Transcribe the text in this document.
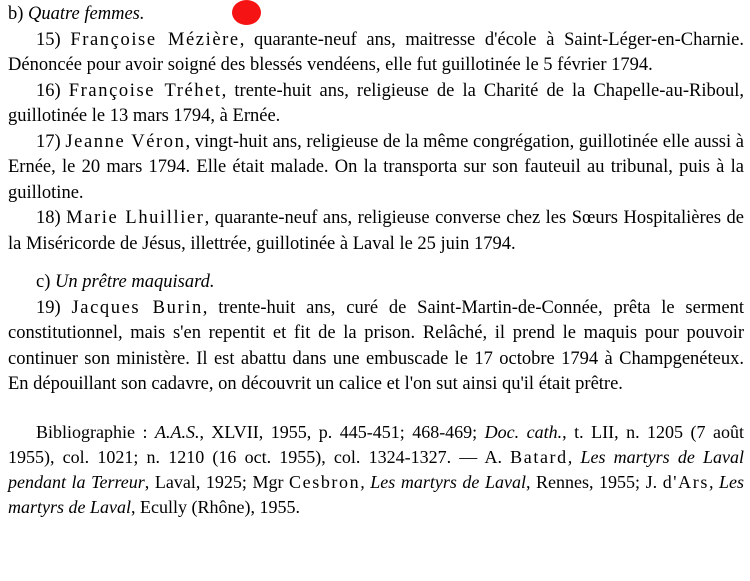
b) Quatre femmes.

15) Françoise Mézière, quarante-neuf ans, maitresse d'école à Saint-Léger-en-Charnie. Dénoncée pour avoir soigné des blessés vendéens, elle fut guillotinée le 5 février 1794.

16) Françoise Tréhet, trente-huit ans, religieuse de la Charité de la Chapelle-au-Riboul, guillotinée le 13 mars 1794, à Ernée.

17) Jeanne Véron, vingt-huit ans, religieuse de la même congrégation, guillotinée elle aussi à Ernée, le 20 mars 1794. Elle était malade. On la transporta sur son fauteuil au tribunal, puis à la guillotine.

18) Marie Lhuillier, quarante-neuf ans, religieuse converse chez les Sœurs Hospitalières de la Miséricorde de Jésus, illettrée, guillotinée à Laval le 25 juin 1794.

c) Un prêtre maquisard.

19) Jacques Burin, trente-huit ans, curé de Saint-Martin-de-Connée, prêta le serment constitutionnel, mais s'en repentit et fit de la prison. Relâché, il prend le maquis pour pouvoir continuer son ministère. Il est abattu dans une embuscade le 17 octobre 1794 à Champgenéteux. En dépouillant son cadavre, on découvrit un calice et l'on sut ainsi qu'il était prêtre.

Bibliographie : A.A.S., XLVII, 1955, p. 445-451; 468-469; Doc. cath., t. LII, n. 1205 (7 août 1955), col. 1021; n. 1210 (16 oct. 1955), col. 1324-1327. — A. Batard, Les martyrs de Laval pendant la Terreur, Laval, 1925; Mgr Cesbron, Les martyrs de Laval, Rennes, 1955; J. d'Ars, Les martyrs de Laval, Ecully (Rhône), 1955.
